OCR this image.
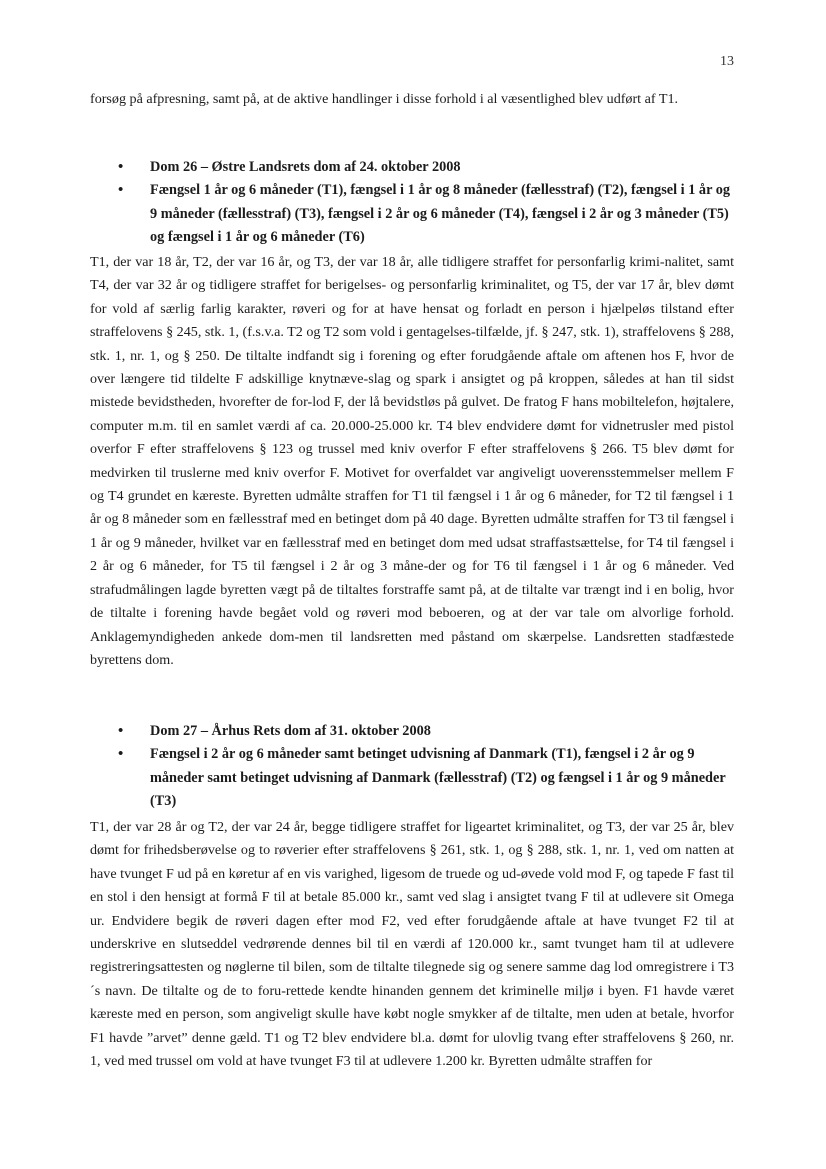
13

forsøg på afpresning, samt på, at de aktive handlinger i disse forhold i al væsentlighed blev udført af T1.

• Dom 26 – Østre Landsrets dom af 24. oktober 2008
• Fængsel 1 år og 6 måneder (T1), fængsel i 1 år og 8 måneder (fællesstraf) (T2), fængsel i 1 år og 9 måneder (fællesstraf) (T3), fængsel i 2 år og 6 måneder (T4), fængsel i 2 år og 3 måneder (T5) og fængsel i 1 år og 6 måneder (T6)

T1, der var 18 år, T2, der var 16 år, og T3, der var 18 år, alle tidligere straffet for personfarlig krimi-nalitet, samt T4, der var 32 år og tidligere straffet for berigelses- og personfarlig kriminalitet, og T5, der var 17 år, blev dømt for vold af særlig farlig karakter, røveri og for at have hensat og forladt en person i hjælpeløs tilstand efter straffelovens § 245, stk. 1, (f.s.v.a. T2 og T2 som vold i gentagelses-tilfælde, jf. § 247, stk. 1), straffelovens § 288, stk. 1, nr. 1, og § 250. De tiltalte indfandt sig i forening og efter forudgående aftale om aftenen hos F, hvor de over længere tid tildelte F adskillige knytnæve-slag og spark i ansigtet og på kroppen, således at han til sidst mistede bevidstheden, hvorefter de for-lod F, der lå bevidstløs på gulvet. De fratog F hans mobiltelefon, højtalere, computer m.m. til en samlet værdi af ca. 20.000-25.000 kr. T4 blev endvidere dømt for vidnetrusler med pistol overfor F efter straffelovens § 123 og trussel med kniv overfor F efter straffelovens § 266. T5 blev dømt for medvirken til truslerne med kniv overfor F. Motivet for overfaldet var angiveligt uoverensstemmelser mellem F og T4 grundet en kæreste. Byretten udmålte straffen for T1 til fængsel i 1 år og 6 måneder, for T2 til fængsel i 1 år og 8 måneder som en fællesstraf med en betinget dom på 40 dage. Byretten udmålte straffen for T3 til fængsel i 1 år og 9 måneder, hvilket var en fællesstraf med en betinget dom med udsat straffastsættelse, for T4 til fængsel i 2 år og 6 måneder, for T5 til fængsel i 2 år og 3 måne-der og for T6 til fængsel i 1 år og 6 måneder. Ved strafudmålingen lagde byretten vægt på de tiltaltes forstraffe samt på, at de tiltalte var trængt ind i en bolig, hvor de tiltalte i forening havde begået vold og røveri mod beboeren, og at der var tale om alvorlige forhold. Anklagemyndigheden ankede dom-men til landsretten med påstand om skærpelse. Landsretten stadfæstede byrettens dom.

• Dom 27 – Århus Rets dom af 31. oktober 2008
• Fængsel i 2 år og 6 måneder samt betinget udvisning af Danmark (T1), fængsel i 2 år og 9 måneder samt betinget udvisning af Danmark (fællesstraf) (T2) og fængsel i 1 år og 9 måneder (T3)

T1, der var 28 år og T2, der var 24 år, begge tidligere straffet for ligeartet kriminalitet, og T3, der var 25 år, blev dømt for frihedsberøvelse og to røverier efter straffelovens § 261, stk. 1, og § 288, stk. 1, nr. 1, ved om natten at have tvunget F ud på en køretur af en vis varighed, ligesom de truede og ud-øvede vold mod F, og tapede F fast til en stol i den hensigt at formå F til at betale 85.000 kr., samt ved slag i ansigtet tvang F til at udlevere sit Omega ur. Endvidere begik de røveri dagen efter mod F2, ved efter forudgående aftale at have tvunget F2 til at underskrive en slutseddel vedrørende dennes bil til en værdi af 120.000 kr., samt tvunget ham til at udlevere registreringsattesten og nøglerne til bilen, som de tiltalte tilegnede sig og senere samme dag lod omregistrere i T3´s navn. De tiltalte og de to foru-rettede kendte hinanden gennem det kriminelle miljø i byen. F1 havde været kæreste med en person, som angiveligt skulle have købt nogle smykker af de tiltalte, men uden at betale, hvorfor F1 havde ”arvet” denne gæld. T1 og T2 blev endvidere bl.a. dømt for ulovlig tvang efter straffelovens § 260, nr. 1, ved med trussel om vold at have tvunget F3 til at udlevere 1.200 kr. Byretten udmålte straffen for
